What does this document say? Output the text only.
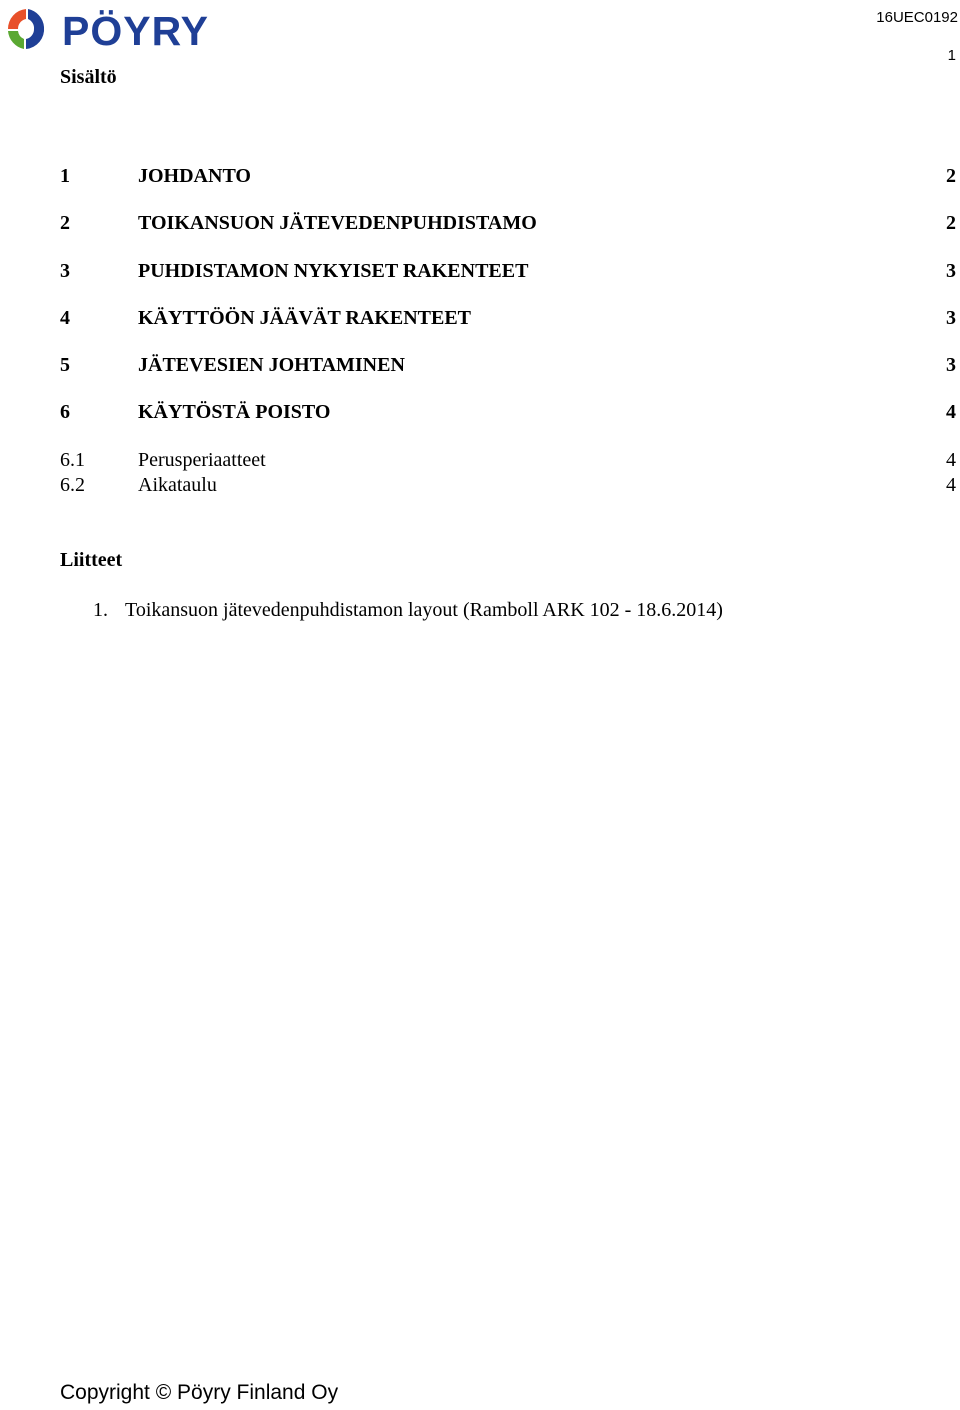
PÖYRY	16UEC0192
1
Sisältö
1	JOHDANTO	2
2	TOIKANSUON JÄTEVEDENPUHDISTAMO	2
3	PUHDISTAMON NYKYISET RAKENTEET	3
4	KÄYTTÖÖN JÄÄVÄT RAKENTEET	3
5	JÄTEVESIEN JOHTAMINEN	3
6	KÄYTÖSTÄ POISTO	4
6.1	Perusperiaatteet	4
6.2	Aikataulu	4
Liitteet
1. Toikansuon jätevedenpuhdistamon layout (Ramboll ARK 102 - 18.6.2014)
Copyright © Pöyry Finland Oy
